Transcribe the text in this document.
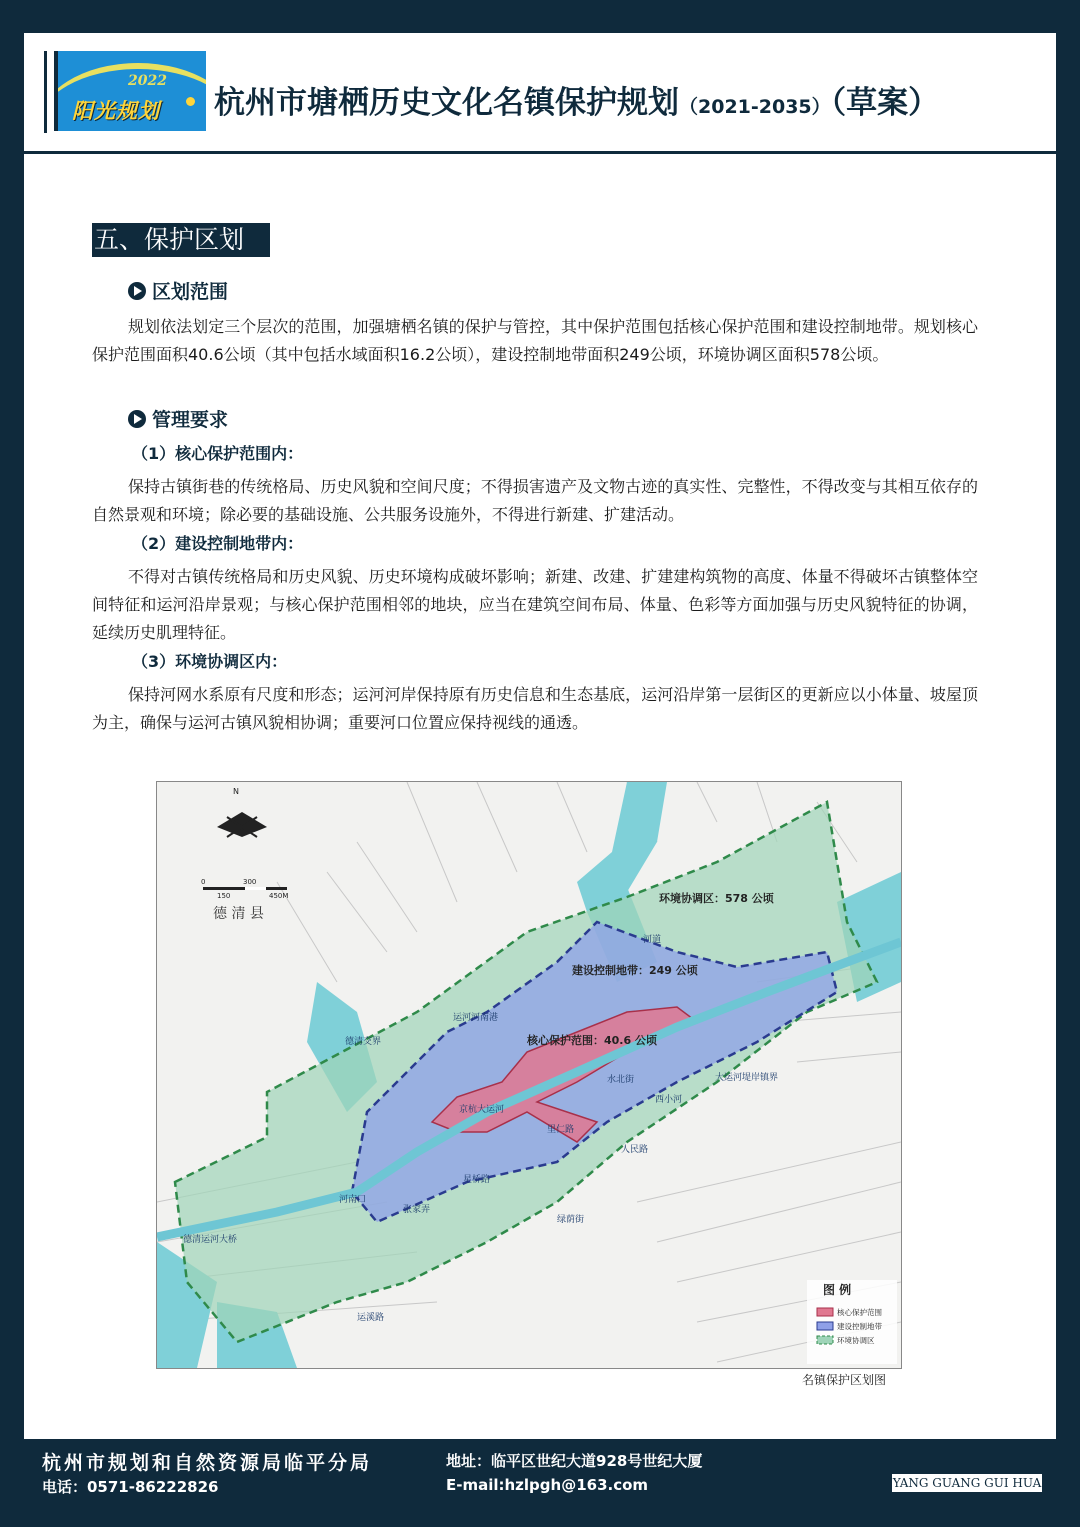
2022
阳光规划 杭州市塘栖历史文化名镇保护规划（2021-2035）（草案）
五、保护区划
区划范围
规划依法划定三个层次的范围，加强塘栖名镇的保护与管控，其中保护范围包括核心保护范围和建设控制地带。规划核心保护范围面积40.6公顷（其中包括水域面积16.2公顷），建设控制地带面积249公顷，环境协调区面积578公顷。
管理要求
（1）核心保护范围内：
保持古镇街巷的传统格局、历史风貌和空间尺度；不得损害遗产及文物古迹的真实性、完整性，不得改变与其相互依存的自然景观和环境；除必要的基础设施、公共服务设施外，不得进行新建、扩建活动。
（2）建设控制地带内：
不得对古镇传统格局和历史风貌、历史环境构成破坏影响；新建、改建、扩建建构筑物的高度、体量不得破坏古镇整体空间特征和运河沿岸景观；与核心保护范围相邻的地块，应当在建筑空间布局、体量、色彩等方面加强与历史风貌特征的协调，延续历史肌理特征。
（3）环境协调区内：
保持河网水系原有尺度和形态；运河河岸保持原有历史信息和生态基底，运河沿岸第一层街区的更新应以小体量、坡屋顶为主，确保与运河古镇风貌相协调；重要河口位置应保持视线的通透。
N
0	300
150	450M
德 清 县
环境协调区：578 公顷
建设控制地带：249 公顷
核心保护范围：40.6 公顷
河道
运河河南港
德清交界
京杭大运河
里仁路
西小河
水北街
人民路
大运河堤岸镇界
运溪路
德清运河大桥
河南口
张家弄
星桥路
绿荫街
图 例
核心保护范围
建设控制地带
环境协调区
名镇保护区划图
杭州市规划和自然资源局临平分局
电话：0571-86222826
地址：临平区世纪大道928号世纪大厦
E-mail:hzlpgh@163.com	YANG GUANG GUI HUA
